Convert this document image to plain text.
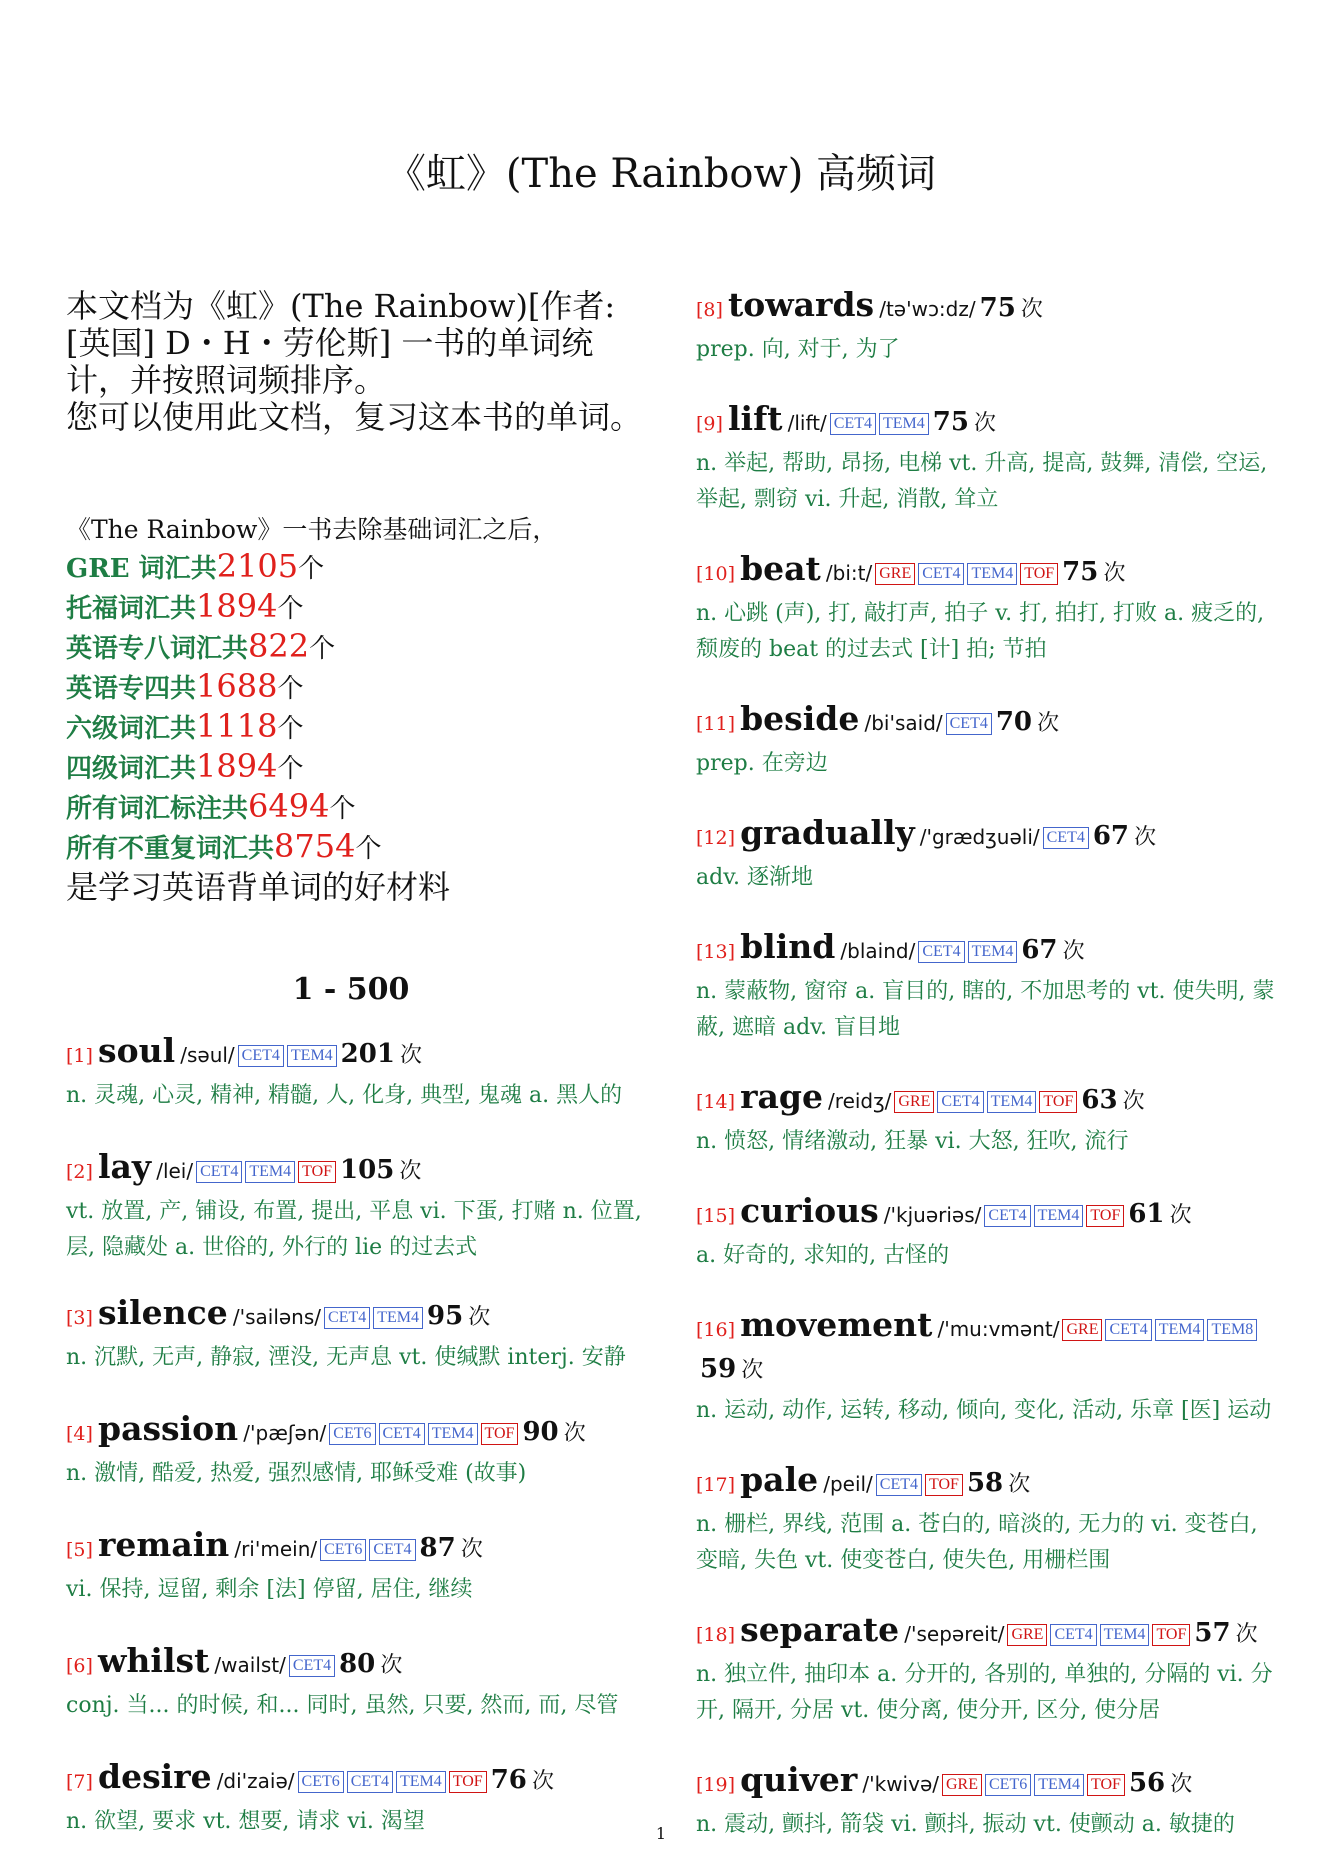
《虹》(The Rainbow) 高频词

本文档为《虹》(The Rainbow)[作者: [英国] D・H・劳伦斯] 一书的单词统计，并按照词频排序。

您可以使用此文档，复习这本书的单词。

《The Rainbow》一书去除基础词汇之后，
GRE 词汇共2105个
托福词汇共1894个
英语专八词汇共822个
英语专四共1688个
六级词汇共1118个
四级词汇共1894个
所有词汇标注共6494个
所有不重复词汇共8754个
是学习英语背单词的好材料
1 - 500
[1] soul /səul/ CET4 TEM4 201 次
n. 灵魂, 心灵, 精神, 精髓, 人, 化身, 典型, 鬼魂 a. 黑人的
[2] lay /lei/ CET4 TEM4 TOF 105 次
vt. 放置, 产, 铺设, 布置, 提出, 平息 vi. 下蛋, 打赌 n. 位置, 层, 隐藏处 a. 世俗的, 外行的 lie 的过去式
[3] silence /'sailəns/ CET4 TEM4 95 次
n. 沉默, 无声, 静寂, 湮没, 无声息 vt. 使缄默 interj. 安静
[4] passion /'pæʃən/ CET6 CET4 TEM4 TOF 90 次
n. 激情, 酷爱, 热爱, 强烈感情, 耶稣受难 (故事)
[5] remain /ri'mein/ CET6 CET4 87 次
vi. 保持, 逗留, 剩余 [法] 停留, 居住, 继续
[6] whilst /wailst/ CET4 80 次
conj. 当... 的时候, 和... 同时, 虽然, 只要, 然而, 而, 尽管
[7] desire /di'zaiə/ CET6 CET4 TEM4 TOF 76 次
n. 欲望, 要求 vt. 想要, 请求 vi. 渴望
[8] towards /tə'wɔ:dz/ 75 次
prep. 向, 对于, 为了
[9] lift /lift/ CET4 TEM4 75 次
n. 举起, 帮助, 昂扬, 电梯 vt. 升高, 提高, 鼓舞, 清偿, 空运, 举起, 剽窃 vi. 升起, 消散, 耸立
[10] beat /bi:t/ GRE CET4 TEM4 TOF 75 次
n. 心跳 (声), 打, 敲打声, 拍子 v. 打, 拍打, 打败 a. 疲乏的, 颓废的 beat 的过去式 [计] 拍; 节拍
[11] beside /bi'said/ CET4 70 次
prep. 在旁边
[12] gradually /'grædʒuəli/ CET4 67 次
adv. 逐渐地
[13] blind /blaind/ CET4 TEM4 67 次
n. 蒙蔽物, 窗帘 a. 盲目的, 瞎的, 不加思考的 vt. 使失明, 蒙蔽, 遮暗 adv. 盲目地
[14] rage /reidʒ/ GRE CET4 TEM4 TOF 63 次
n. 愤怒, 情绪激动, 狂暴 vi. 大怒, 狂吹, 流行
[15] curious /'kjuəriəs/ CET4 TEM4 TOF 61 次
a. 好奇的, 求知的, 古怪的
[16] movement /'mu:vmənt/ GRE CET4 TEM4 TEM859 次
n. 运动, 动作, 运转, 移动, 倾向, 变化, 活动, 乐章 [医] 运动
[17] pale /peil/ CET4 TOF 58 次
n. 栅栏, 界线, 范围 a. 苍白的, 暗淡的, 无力的 vi. 变苍白, 变暗, 失色 vt. 使变苍白, 使失色, 用栅栏围
[18] separate /'sepəreit/ GRE CET4 TEM4 TOF 57 次
n. 独立件, 抽印本 a. 分开的, 各别的, 单独的, 分隔的 vi. 分开, 隔开, 分居 vt. 使分离, 使分开, 区分, 使分居
[19] quiver /'kwivə/ GRE CET6 TEM4 TOF 56 次
n. 震动, 颤抖, 箭袋 vi. 颤抖, 振动 vt. 使颤动 a. 敏捷的
1
